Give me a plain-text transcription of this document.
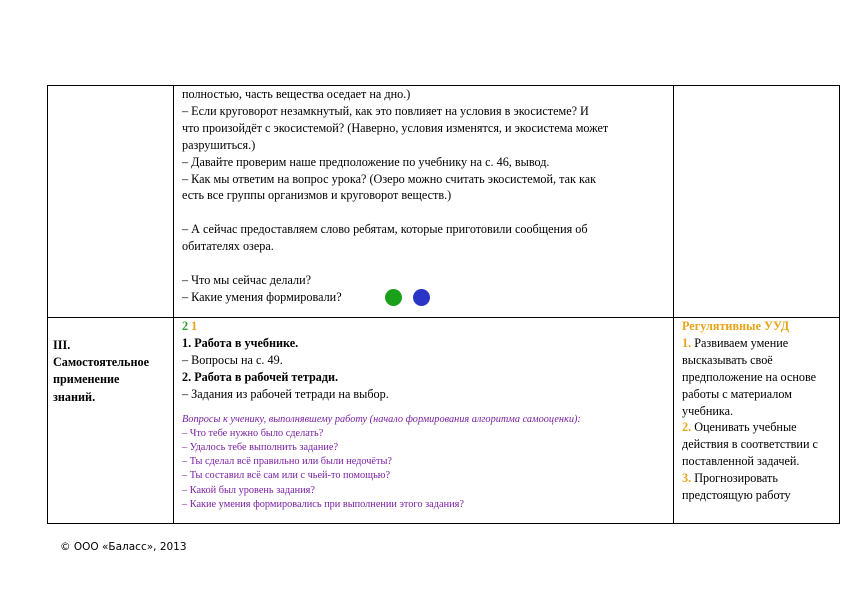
полностью, часть вещества оседает на дно.)
– Если круговорот незамкнутый, как это повлияет на условия в экосистеме? И
что произойдёт с экосистемой? (Наверно, условия изменятся, и экосистема может
разрушиться.)
– Давайте проверим наше предположение по учебнику на с. 46, вывод.
– Как мы ответим на вопрос урока? (Озеро можно считать экосистемой, так как
есть все группы организмов и круговорот веществ.)

– А сейчас предоставляем слово ребятам, которые приготовили сообщения об
обитателях озера.

– Что мы сейчас делали?
– Какие умения формировали?
III.
Самостоятельное
применение
знаний.
2 1
1. Работа в учебнике.
– Вопросы на с. 49.
2. Работа в рабочей тетради.
– Задания из рабочей тетради на выбор.
Вопросы к ученику, выполнявшему работу (начало формирования алгоритма самооценки):
– Что тебе нужно было сделать?
– Удалось тебе выполнить задание?
– Ты сделал всё правильно или были недочёты?
– Ты составил всё сам или с чьей-то помощью?
– Какой был уровень задания?
– Какие умения формировались при выполнении этого задания?
Регулятивные УУД
1. Развиваем умение
высказывать своё
предположение на основе
работы с материалом
учебника.
2. Оценивать учебные
действия в соответствии с
поставленной задачей.
3. Прогнозировать
предстоящую работу
© ООО «Баласс», 2013
